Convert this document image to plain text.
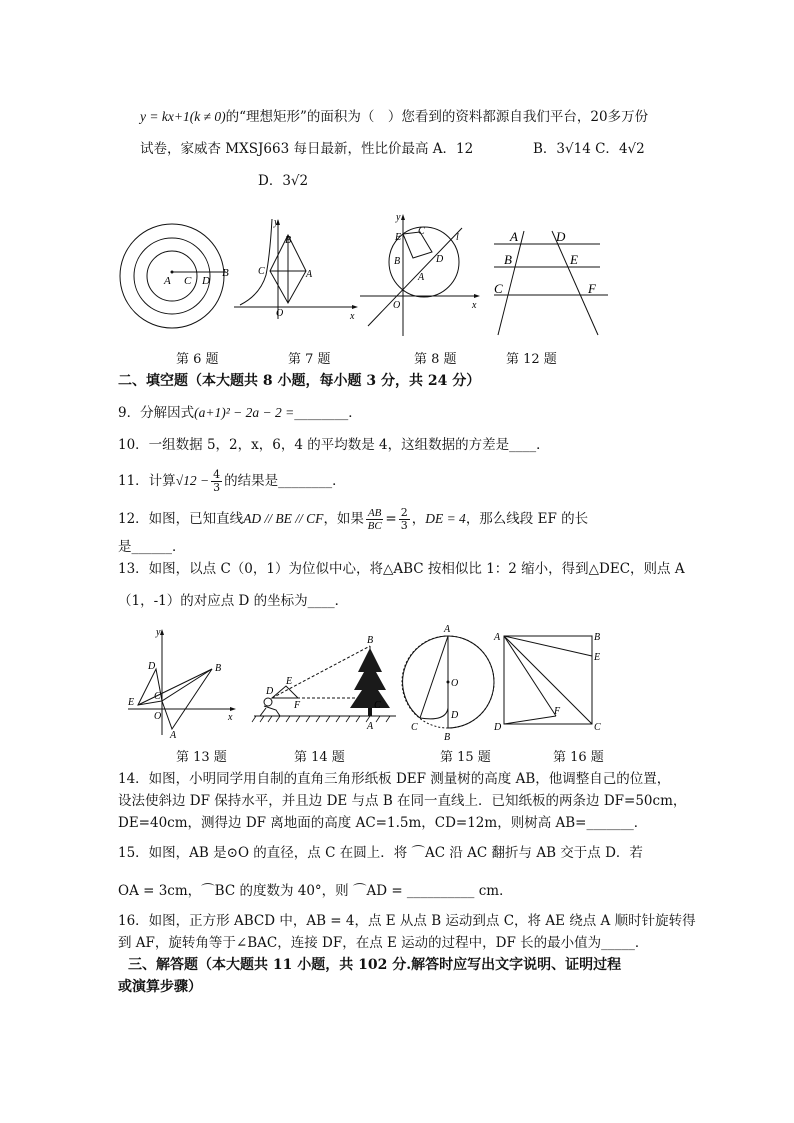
y = kx+1(k ≠ 0)的“理想矩形”的面积为（　）您看到的资料都源自我们平台，20多万份
试卷，家威杏 MXSJ663 每日最新，性比价最高 A．12	B．3√14 C．4√2
D．3√2
A C D
B
y
B
C	A
O	x
y
C
E
B	D
A
l
O	x
A	D
B	E
C	F
第 6 题	第 7 题	第 8 题	第 12 题
二、填空题（本大题共 8 小题，每小题 3 分，共 24 分）
9．分解因式(a+1)² − 2a − 2 =________．
10．一组数据 5，2，x，6，4 的平均数是 4，这组数据的方差是____．
11．计算$√12 - \frac{4}{3}$ 的结果是________．
12．如图，已知直线AD // BE // CF，如果 $\frac{AB}{BC} = \frac{2}{3}$ ，DE = 4，那么线段 EF 的长
是______．
13．如图，以点 C（0，1）为位似中心，将△ABC 按相似比 1：2 缩小，得到△DEC，则点 A
（1，-1）的对应点 D 的坐标为____．
y
D	B
C
E
O
A
x
B
D
E
F	C
A
A
O
D
C
B
A	B
E
F
D	C
第 13 题	第 14 题	第 15 题	第 16 题
14．如图，小明同学用自制的直角三角形纸板 DEF 测量树的高度 AB，他调整自己的位置，
设法使斜边 DF 保持水平，并且边 DE 与点 B 在同一直线上．已知纸板的两条边 DF=50cm，
DE=40cm，测得边 DF 离地面的高度 AC=1.5m，CD=12m，则树高 AB=_______．
15．如图，AB 是⊙O 的直径，点 C 在圆上．将 ⌒AC 沿 AC 翻折与 AB 交于点 D．若
OA = 3cm，⌒BC 的度数为 40°，则 ⌒AD = __________ cm．
16．如图，正方形 ABCD 中，AB = 4，点 E 从点 B 运动到点 C，将 AE 绕点 A 顺时针旋转得
到 AF，旋转角等于∠BAC，连接 DF，在点 E 运动的过程中，DF 长的最小值为_____．
三、解答题（本大题共 11 小题，共 102 分.解答时应写出文字说明、证明过程
或演算步骤）
